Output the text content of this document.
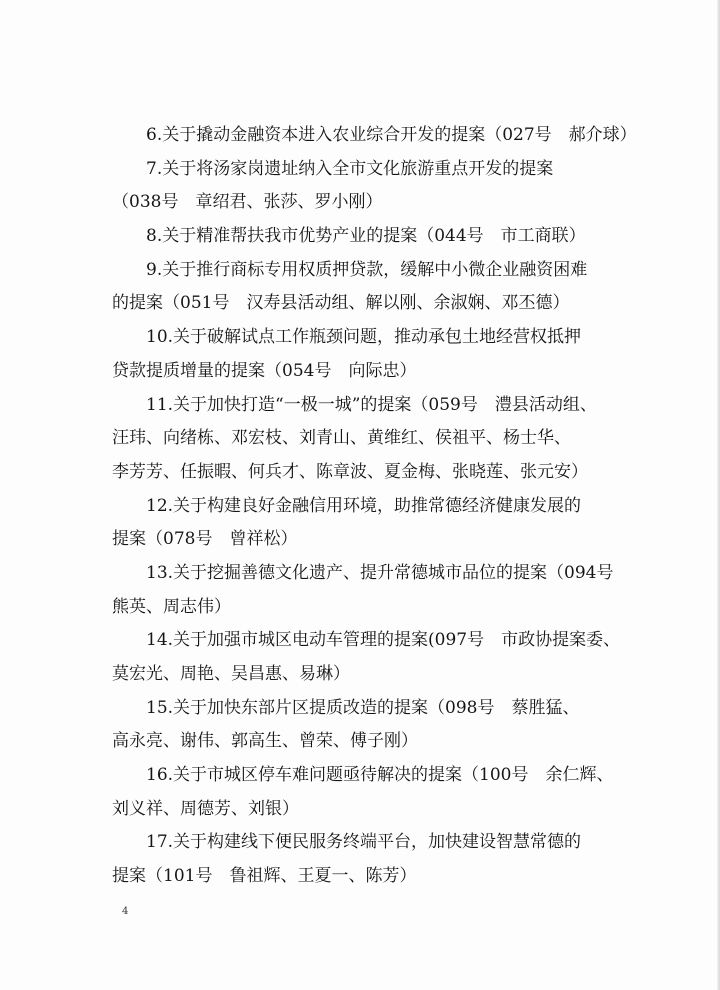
6.关于撬动金融资本进入农业综合开发的提案（027号　郝介球）
7.关于将汤家岗遗址纳入全市文化旅游重点开发的提案
（038号　章绍君、张莎、罗小刚）
8.关于精准帮扶我市优势产业的提案（044号　市工商联）
9.关于推行商标专用权质押贷款，缓解中小微企业融资困难
的提案（051号　汉寿县活动组、解以刚、余淑娴、邓丕德）
10.关于破解试点工作瓶颈问题，推动承包土地经营权抵押
贷款提质增量的提案（054号　向际忠）
11.关于加快打造“一极一城”的提案（059号　澧县活动组、
汪玮、向绪栋、邓宏枝、刘青山、黄维红、侯祖平、杨士华、
李芳芳、任振暇、何兵才、陈章波、夏金梅、张晓莲、张元安）
12.关于构建良好金融信用环境，助推常德经济健康发展的
提案（078号　曾祥松）
13.关于挖掘善德文化遗产、提升常德城市品位的提案（094号
熊英、周志伟）
14.关于加强市城区电动车管理的提案(097号　市政协提案委、
莫宏光、周艳、吴昌惠、易琳）
15.关于加快东部片区提质改造的提案（098号　蔡胜猛、
高永亮、谢伟、郭高生、曾荣、傅子刚）
16.关于市城区停车难问题亟待解决的提案（100号　余仁辉、
刘义祥、周德芳、刘银）
17.关于构建线下便民服务终端平台，加快建设智慧常德的
提案（101号　鲁祖辉、王夏一、陈芳）
4
